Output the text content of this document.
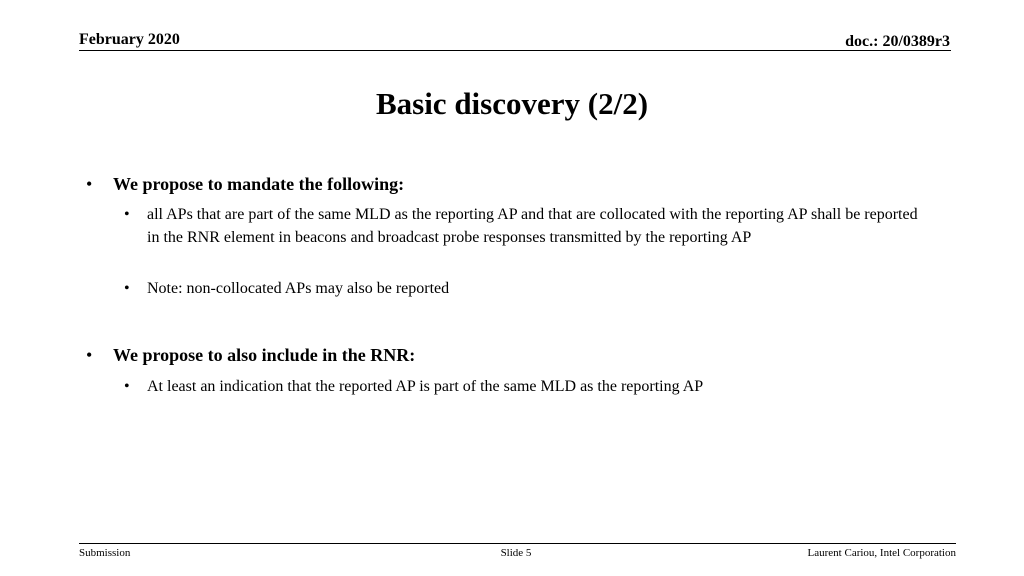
February 2020	doc.: 20/0389r3
Basic discovery (2/2)
• We propose to mandate the following:
• all APs that are part of the same MLD as the reporting AP and that are collocated with the reporting AP shall be reported in the RNR element in beacons and broadcast probe responses transmitted by the reporting AP
• Note: non-collocated APs may also be reported
• We propose to also include in the RNR:
• At least an indication that the reported AP is part of the same MLD as the reporting AP
Submission	Slide 5	Laurent Cariou, Intel Corporation
